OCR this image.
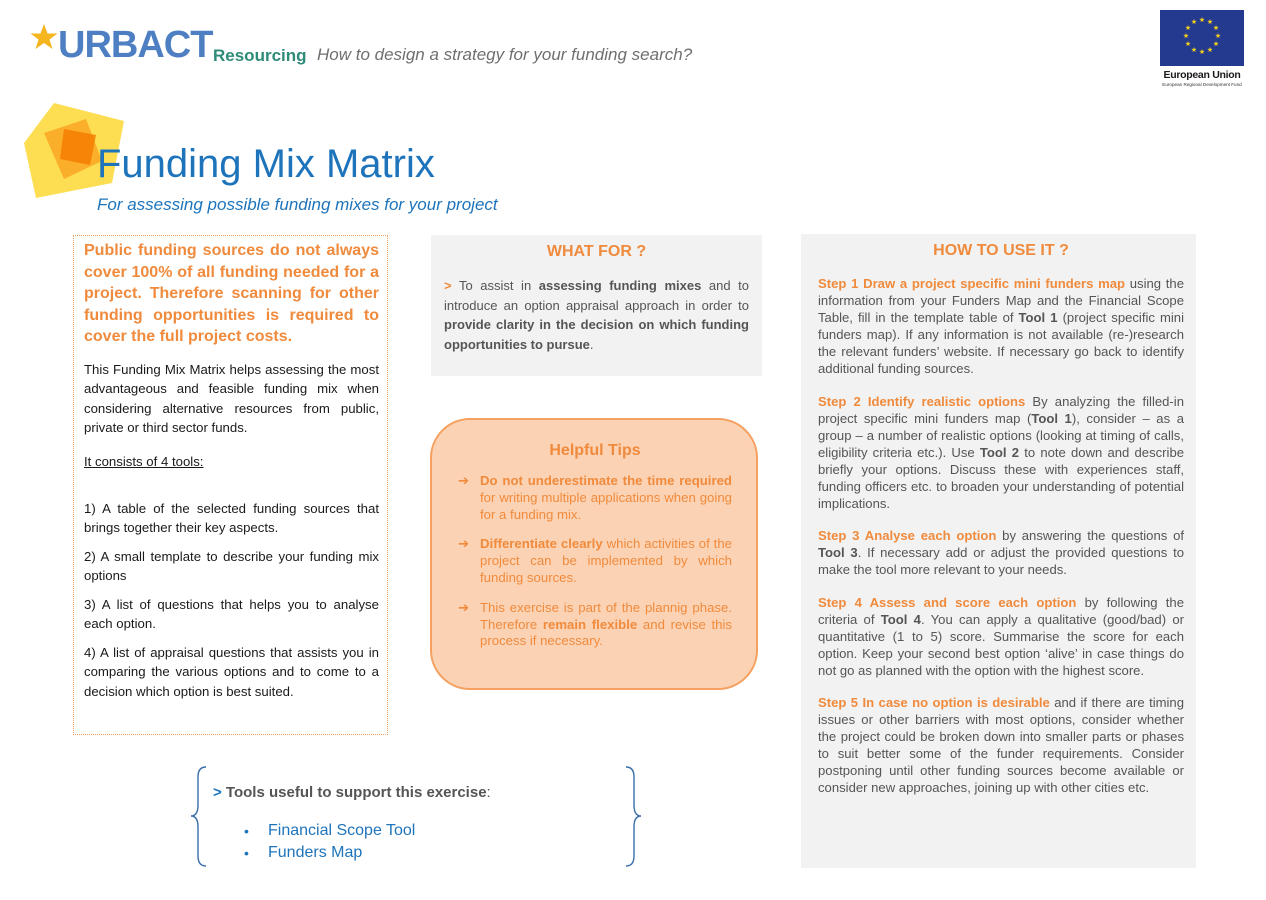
URBACT Resourcing How to design a strategy for your funding search?
★ ★
★
★
★
★
★
★
★
★
★
★
European Union
European Regional Development Fund
Funding Mix Matrix
For assessing possible funding mixes for your project

Public funding sources do not always cover 100% of all funding needed for a project. Therefore scanning for other funding opportunities is required to cover the full project costs.

This Funding Mix Matrix helps assessing the most advantageous and feasible funding mix when considering alternative resources from public, private or third sector funds.

It consists of 4 tools:

1) A table of the selected funding sources that brings together their key aspects.

2) A small template to describe your funding mix options

3) A list of questions that helps you to analyse each option.

4) A list of appraisal questions that assists you in comparing the various options and to come to a decision which option is best suited.

WHAT FOR ?
> To assist in assessing funding mixes and to introduce an option appraisal approach in order to provide clarity in the decision on which funding opportunities to pursue.
Helpful Tips
➔ Do not underestimate the time required for writing multiple applications when going for a funding mix.
➔ Differentiate clearly which activities of the project can be implemented by which funding sources.
➔ This exercise is part of the plannig phase. Therefore remain flexible and revise this process if necessary.
> Tools useful to support this exercise:
• Financial Scope Tool
• Funders Map
HOW TO USE IT ?
Step 1 Draw a project specific mini funders map using the information from your Funders Map and the Financial Scope Table, fill in the template table of Tool 1 (project specific mini funders map). If any information is not available (re-)research the relevant funders’ website. If necessary go back to identify additional funding sources.
Step 2 Identify realistic options By analyzing the filled-in project specific mini funders map (Tool 1), consider – as a group – a number of realistic options (looking at timing of calls, eligibility criteria etc.). Use Tool 2 to note down and describe briefly your options. Discuss these with experiences staff, funding officers etc. to broaden your understanding of potential implications.
Step 3 Analyse each option by answering the questions of Tool 3. If necessary add or adjust the provided questions to make the tool more relevant to your needs.
Step 4 Assess and score each option by following the criteria of Tool 4. You can apply a qualitative (good/bad) or quantitative (1 to 5) score. Summarise the score for each option. Keep your second best option ‘alive’ in case things do not go as planned with the option with the highest score.
Step 5 In case no option is desirable and if there are timing issues or other barriers with most options, consider whether the project could be broken down into smaller parts or phases to suit better some of the funder requirements. Consider postponing until other funding sources become available or consider new approaches, joining up with other cities etc.
